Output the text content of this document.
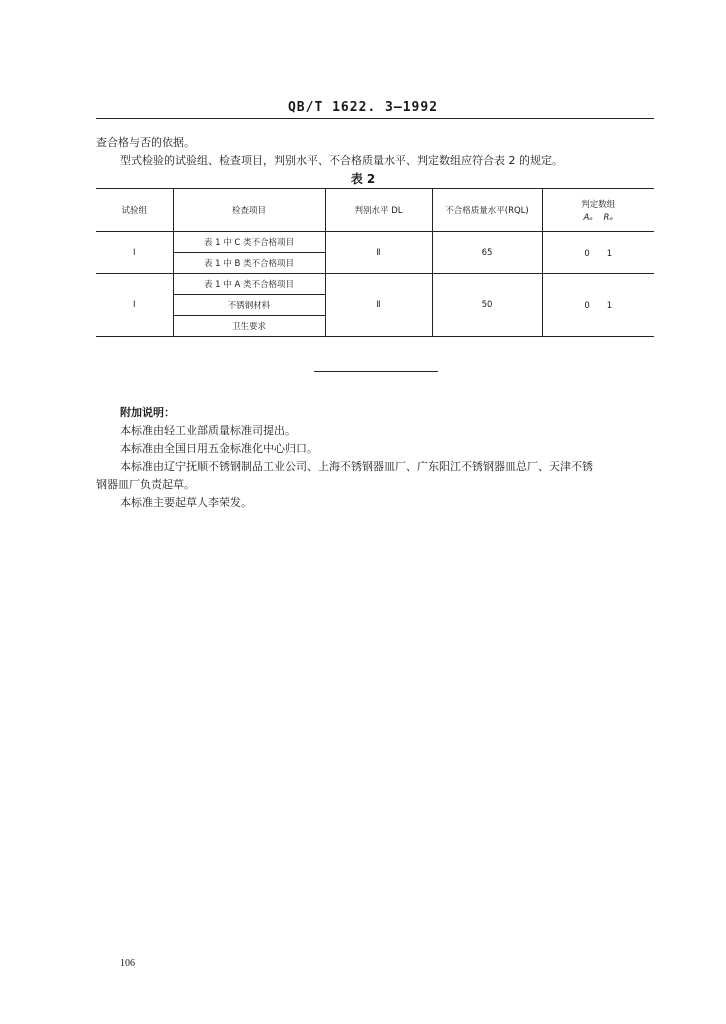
QB/T 1622. 3—1992
查合格与否的依据。
型式检验的试验组、检查项目，判别水平、不合格质量水平、判定数组应符合表 2 的规定。
表 2
试验组	检查项目	判别水平 DL	不合格质量水平(RQL)	判定数组
Aₑ Rₑ

I	表 1 中 C 类不合格项目	Ⅱ	65	0　　1
	表 1 中 B 类不合格项目			
I	表 1 中 A 类不合格项目	Ⅱ	50	0　　1
	不锈钢材料			
	卫生要求			
附加说明：
本标准由轻工业部质量标准司提出。
本标准由全国日用五金标准化中心归口。
本标准由辽宁抚顺不锈钢制品工业公司、上海不锈钢器皿厂、广东阳江不锈钢器皿总厂、天津不锈
钢器皿厂负责起草。
本标准主要起草人李荣发。
106
